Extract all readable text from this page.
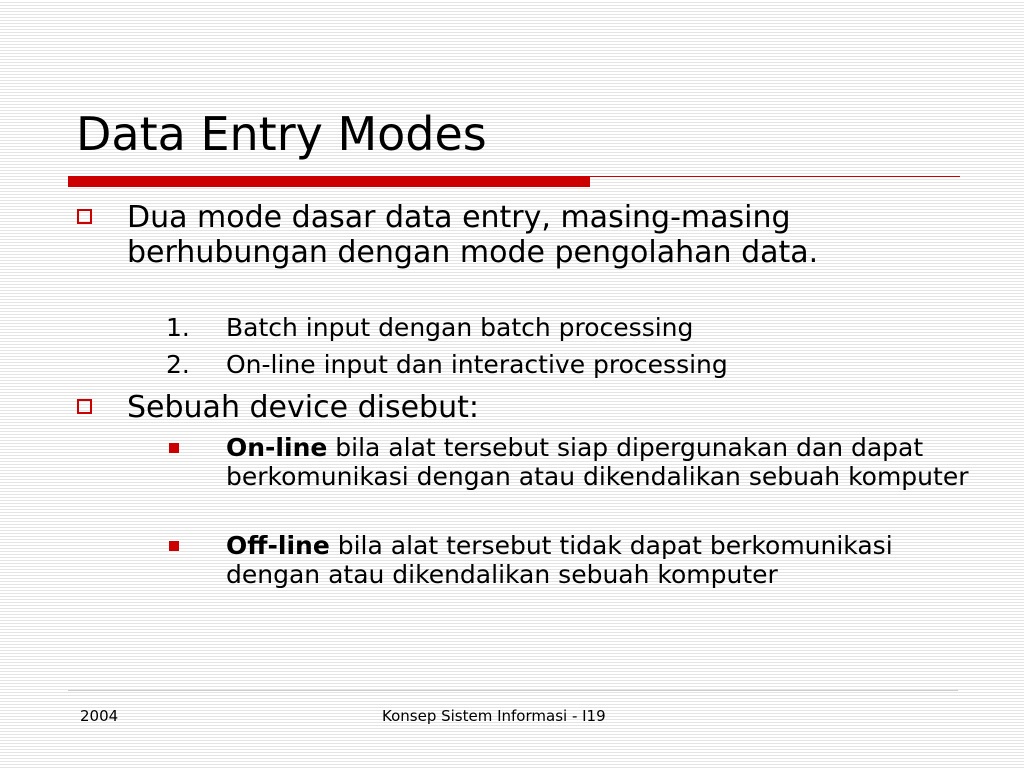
Data Entry Modes
Dua mode dasar data entry, masing-masing berhubungan dengan mode pengolahan data.
1.	Batch input dengan batch processing
2.	On-line input dan interactive processing
Sebuah device disebut:
On-line bila alat tersebut siap dipergunakan dan dapat berkomunikasi dengan atau dikendalikan sebuah komputer
Off-line bila alat tersebut tidak dapat berkomunikasi dengan atau dikendalikan sebuah komputer
2004	Konsep Sistem Informasi - I19
